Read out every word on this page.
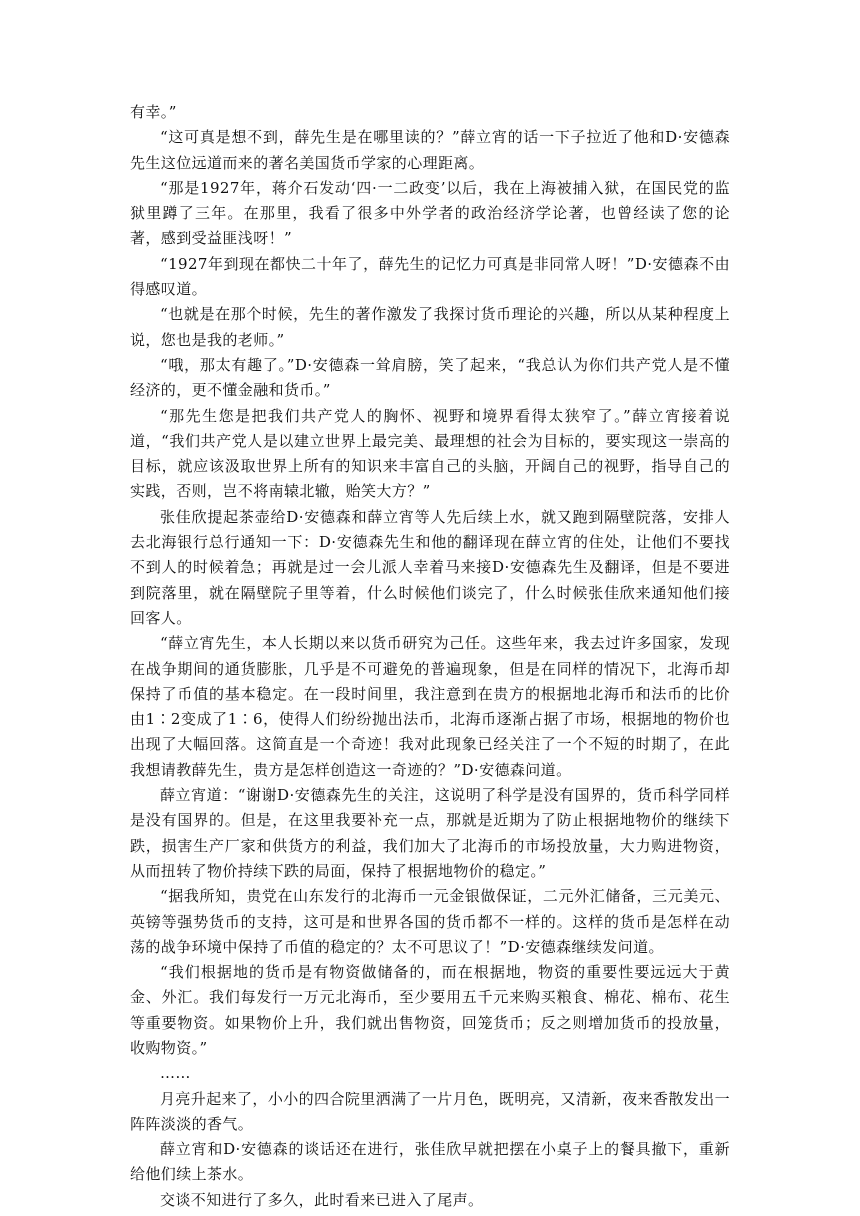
有幸。”

“这可真是想不到，薛先生是在哪里读的？”薛立宵的话一下子拉近了他和D·安德森先生这位远道而来的著名美国货币学家的心理距离。

“那是1927年，蒋介石发动‘四·一二政变’以后，我在上海被捕入狱，在国民党的监狱里蹲了三年。在那里，我看了很多中外学者的政治经济学论著，也曾经读了您的论著，感到受益匪浅呀！”

“1927年到现在都快二十年了，薛先生的记忆力可真是非同常人呀！”D·安德森不由得感叹道。

“也就是在那个时候，先生的著作激发了我探讨货币理论的兴趣，所以从某种程度上说，您也是我的老师。”

“哦，那太有趣了。”D·安德森一耸肩膀，笑了起来，“我总认为你们共产党人是不懂经济的，更不懂金融和货币。”

“那先生您是把我们共产党人的胸怀、视野和境界看得太狭窄了。”薛立宵接着说道，“我们共产党人是以建立世界上最完美、最理想的社会为目标的，要实现这一崇高的目标，就应该汲取世界上所有的知识来丰富自己的头脑，开阔自己的视野，指导自己的实践，否则，岂不将南辕北辙，贻笑大方？”

张佳欣提起茶壶给D·安德森和薛立宵等人先后续上水，就又跑到隔壁院落，安排人去北海银行总行通知一下：D·安德森先生和他的翻译现在薛立宵的住处，让他们不要找不到人的时候着急；再就是过一会儿派人幸着马来接D·安德森先生及翻译，但是不要进到院落里，就在隔壁院子里等着，什么时候他们谈完了，什么时候张佳欣来通知他们接回客人。

“薛立宵先生，本人长期以来以货币研究为己任。这些年来，我去过许多国家，发现在战争期间的通货膨胀，几乎是不可避免的普遍现象，但是在同样的情况下，北海币却保持了币值的基本稳定。在一段时间里，我注意到在贵方的根据地北海币和法币的比价由1∶2变成了1∶6，使得人们纷纷抛出法币，北海币逐渐占据了市场，根据地的物价也出现了大幅回落。这简直是一个奇迹！我对此现象已经关注了一个不短的时期了，在此我想请教薛先生，贵方是怎样创造这一奇迹的？”D·安德森问道。

薛立宵道：“谢谢D·安德森先生的关注，这说明了科学是没有国界的，货币科学同样是没有国界的。但是，在这里我要补充一点，那就是近期为了防止根据地物价的继续下跌，损害生产厂家和供货方的利益，我们加大了北海币的市场投放量，大力购进物资，从而扭转了物价持续下跌的局面，保持了根据地物价的稳定。”

“据我所知，贵党在山东发行的北海币一元金银做保证，二元外汇储备，三元美元、英镑等强势货币的支持，这可是和世界各国的货币都不一样的。这样的货币是怎样在动荡的战争环境中保持了币值的稳定的？太不可思议了！”D·安德森继续发问道。

“我们根据地的货币是有物资做储备的，而在根据地，物资的重要性要远远大于黄金、外汇。我们每发行一万元北海币，至少要用五千元来购买粮食、棉花、棉布、花生等重要物资。如果物价上升，我们就出售物资，回笼货币；反之则增加货币的投放量，收购物资。”

……

月亮升起来了，小小的四合院里洒满了一片月色，既明亮，又清新，夜来香散发出一阵阵淡淡的香气。

薛立宵和D·安德森的谈话还在进行，张佳欣早就把摆在小桌子上的餐具撤下，重新给他们续上茶水。

交谈不知进行了多久，此时看来已进入了尾声。
